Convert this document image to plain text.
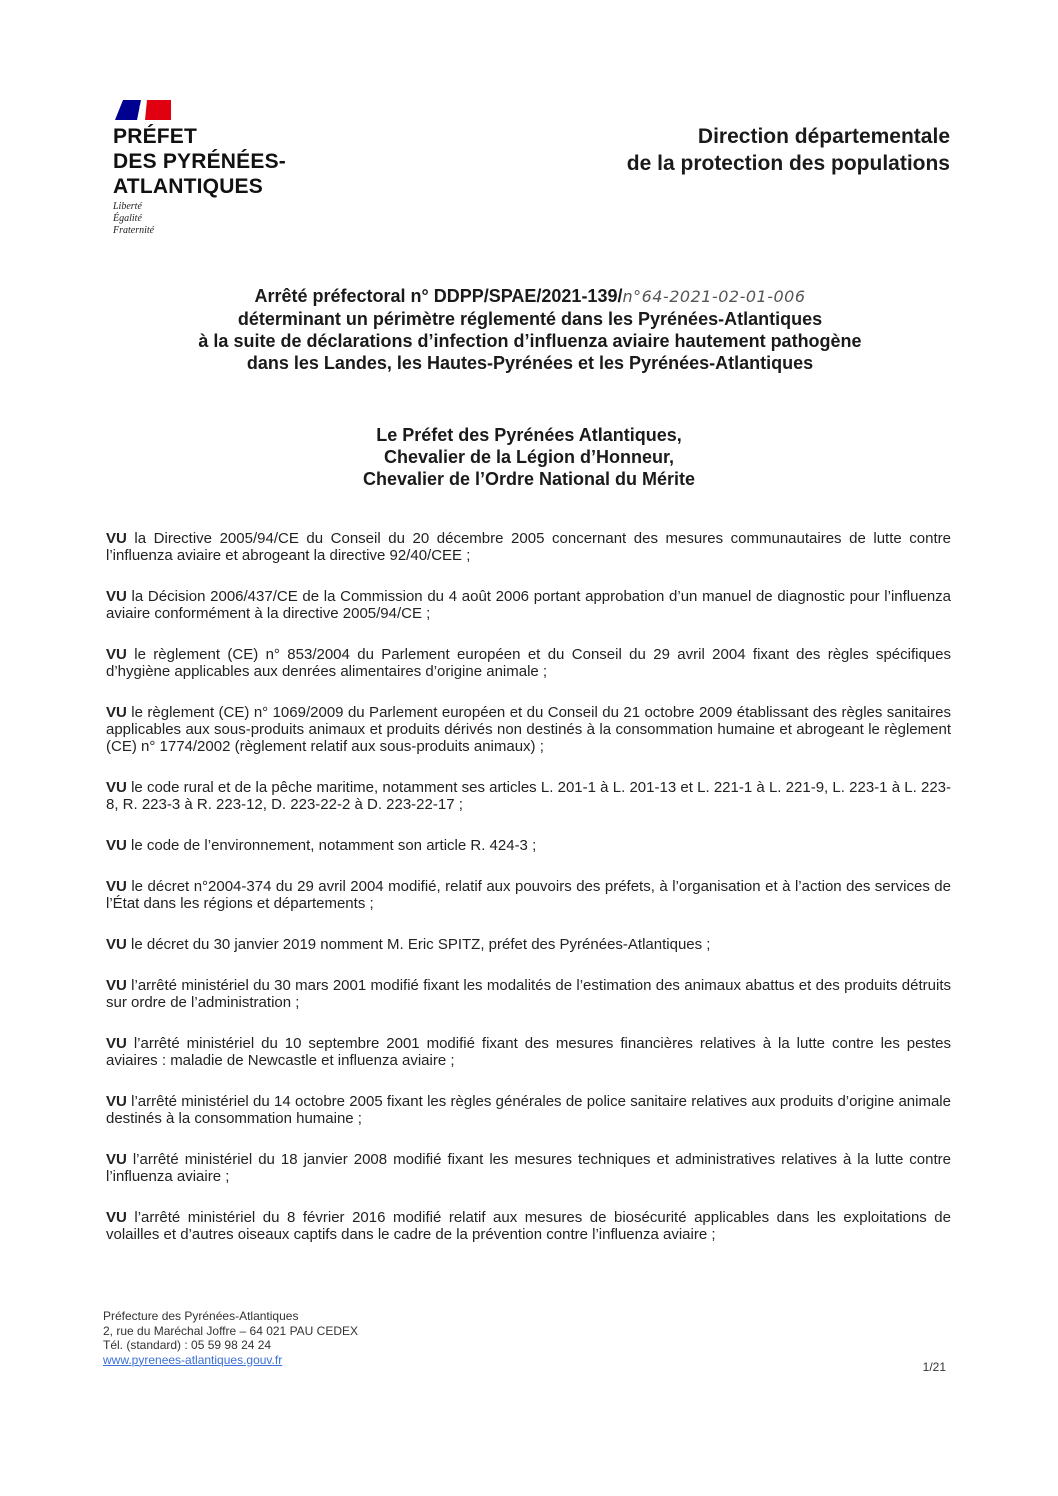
PRÉFET
DES PYRÉNÉES-
ATLANTIQUES
Liberté
Égalité
Fraternité
Direction départementale
de la protection des populations
Arrêté préfectoral n° DDPP/SPAE/2021-139/n°64-2021-02-01-006
déterminant un périmètre réglementé dans les Pyrénées-Atlantiques
à la suite de déclarations d’infection d’influenza aviaire hautement pathogène
dans les Landes, les Hautes-Pyrénées et les Pyrénées-Atlantiques
Le Préfet des Pyrénées Atlantiques,
Chevalier de la Légion d’Honneur,
Chevalier de l’Ordre National du Mérite

VU la Directive 2005/94/CE du Conseil du 20 décembre 2005 concernant des mesures communautaires de lutte contre l’influenza aviaire et abrogeant la directive 92/40/CEE ;

VU la Décision 2006/437/CE de la Commission du 4 août 2006 portant approbation d’un manuel de diagnostic pour l’influenza aviaire conformément à la directive 2005/94/CE ;

VU le règlement (CE) n° 853/2004 du Parlement européen et du Conseil du 29 avril 2004 fixant des règles spécifiques d’hygiène applicables aux denrées alimentaires d’origine animale ;

VU le règlement (CE) n° 1069/2009 du Parlement européen et du Conseil du 21 octobre 2009 établissant des règles sanitaires applicables aux sous-produits animaux et produits dérivés non destinés à la consommation humaine et abrogeant le règlement (CE) n° 1774/2002 (règlement relatif aux sous-produits animaux) ;

VU le code rural et de la pêche maritime, notamment ses articles L. 201-1 à L. 201-13 et L. 221-1 à L. 221-9, L. 223-1 à L. 223-8, R. 223-3 à R. 223-12, D. 223-22-2 à D. 223-22-17 ;

VU le code de l’environnement, notamment son article R. 424-3 ;

VU le décret n°2004-374 du 29 avril 2004 modifié, relatif aux pouvoirs des préfets, à l’organisation et à l’action des services de l’État dans les régions et départements ;

VU le décret du 30 janvier 2019 nomment M. Eric SPITZ, préfet des Pyrénées-Atlantiques ;

VU l’arrêté ministériel du 30 mars 2001 modifié fixant les modalités de l’estimation des animaux abattus et des produits détruits sur ordre de l’administration ;

VU l’arrêté ministériel du 10 septembre 2001 modifié fixant des mesures financières relatives à la lutte contre les pestes aviaires : maladie de Newcastle et influenza aviaire ;

VU l’arrêté ministériel du 14 octobre 2005 fixant les règles générales de police sanitaire relatives aux produits d’origine animale destinés à la consommation humaine ;

VU l’arrêté ministériel du 18 janvier 2008 modifié fixant les mesures techniques et administratives relatives à la lutte contre l’influenza aviaire ;

VU l’arrêté ministériel du 8 février 2016 modifié relatif aux mesures de biosécurité applicables dans les exploitations de volailles et d’autres oiseaux captifs dans le cadre de la prévention contre l’influenza aviaire ;

Préfecture des Pyrénées-Atlantiques
2, rue du Maréchal Joffre – 64 021 PAU CEDEX
Tél. (standard) : 05 59 98 24 24
www.pyrenees-atlantiques.gouv.fr
1/21
